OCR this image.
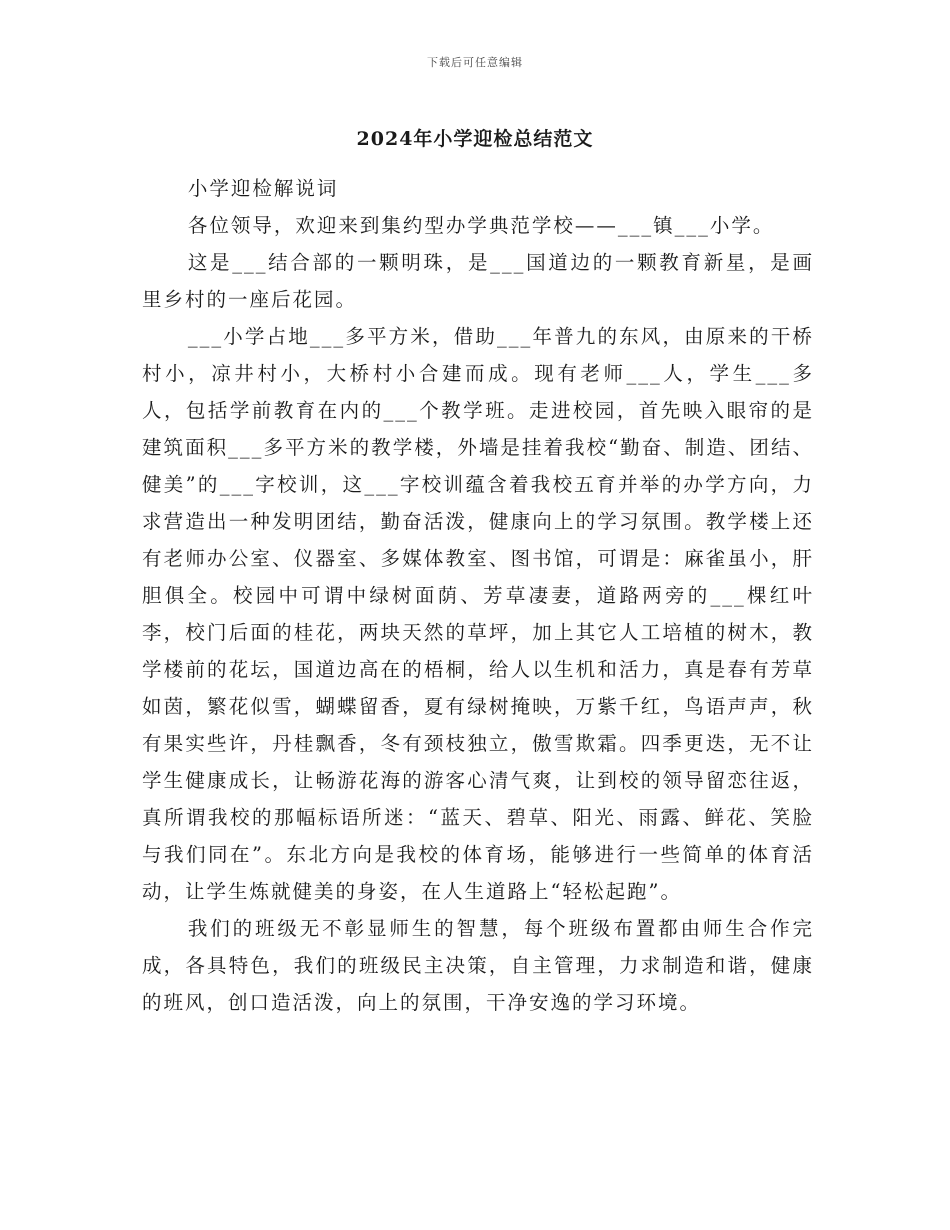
下载后可任意编辑
2024年小学迎检总结范文

小学迎检解说词

各位领导，欢迎来到集约型办学典范学校——___镇___小学。

这是___结合部的一颗明珠，是___国道边的一颗教育新星，是画里乡村的一座后花园。

___小学占地___多平方米，借助___年普九的东风，由原来的干桥村小，凉井村小，大桥村小合建而成。现有老师___人，学生___多人，包括学前教育在内的___个教学班。走进校园，首先映入眼帘的是建筑面积___多平方米的教学楼，外墙是挂着我校“勤奋、制造、团结、健美”的___字校训，这___字校训蕴含着我校五育并举的办学方向，力求营造出一种发明团结，勤奋活泼，健康向上的学习氛围。教学楼上还有老师办公室、仪器室、多媒体教室、图书馆，可谓是：麻雀虽小，肝胆俱全。校园中可谓中绿树面荫、芳草凄妻，道路两旁的___棵红叶李，校门后面的桂花，两块天然的草坪，加上其它人工培植的树木，教学楼前的花坛，国道边高在的梧桐，给人以生机和活力，真是春有芳草如茵，繁花似雪，蝴蝶留香，夏有绿树掩映，万紫千红，鸟语声声，秋有果实些许，丹桂飘香，冬有颈枝独立，傲雪欺霜。四季更迭，无不让学生健康成长，让畅游花海的游客心清气爽，让到校的领导留恋往返，真所谓我校的那幅标语所迷：“蓝天、碧草、阳光、雨露、鲜花、笑脸与我们同在”。东北方向是我校的体育场，能够进行一些简单的体育活动，让学生炼就健美的身姿，在人生道路上“轻松起跑”。

我们的班级无不彰显师生的智慧，每个班级布置都由师生合作完成，各具特色，我们的班级民主决策，自主管理，力求制造和谐，健康的班风，创口造活泼，向上的氛围，干净安逸的学习环境。
